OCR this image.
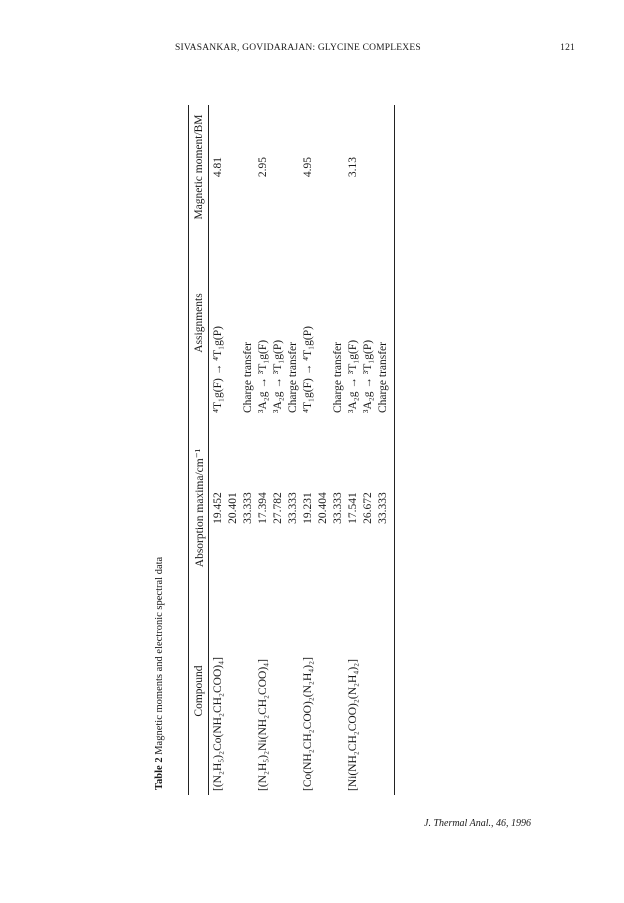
SIVASANKAR, GOVIDARAJAN: GLYCINE COMPLEXES	121
Table 2 Magnetic moments and electronic spectral data Compound	Absorption maxima/cm⁻¹	Assignments	Magnetic moment/BM
[(N₂H₅)₂Co(NH₂CH₂COO)₄]	19.452	⁴T₁g(F) → ⁴T₁g(P)	4.81
	20.401		
	33.333	Charge transfer	
[(N₂H₅)₂Ni(NH₂CH₂COO)₄]	17.394	³A₂g → ³T₁g(F)	2.95
	27.782	³A₂g → ³T₁g(P)	
	33.333	Charge transfer	
[Co(NH₂CH₂COO)₂(N₂H₄)₂]	19.231	⁴T₁g(F) → ⁴T₁g(P)	4.95
	20.404		
	33.333	Charge transfer	
[Ni(NH₂CH₂COO)₂(N₂H₄)₂]	17.541	³A₂g → ³T₁g(F)	3.13
	26.672	³A₂g → ³T₁g(P)	
	33.333	Charge transfer	
J. Thermal Anal., 46, 1996
